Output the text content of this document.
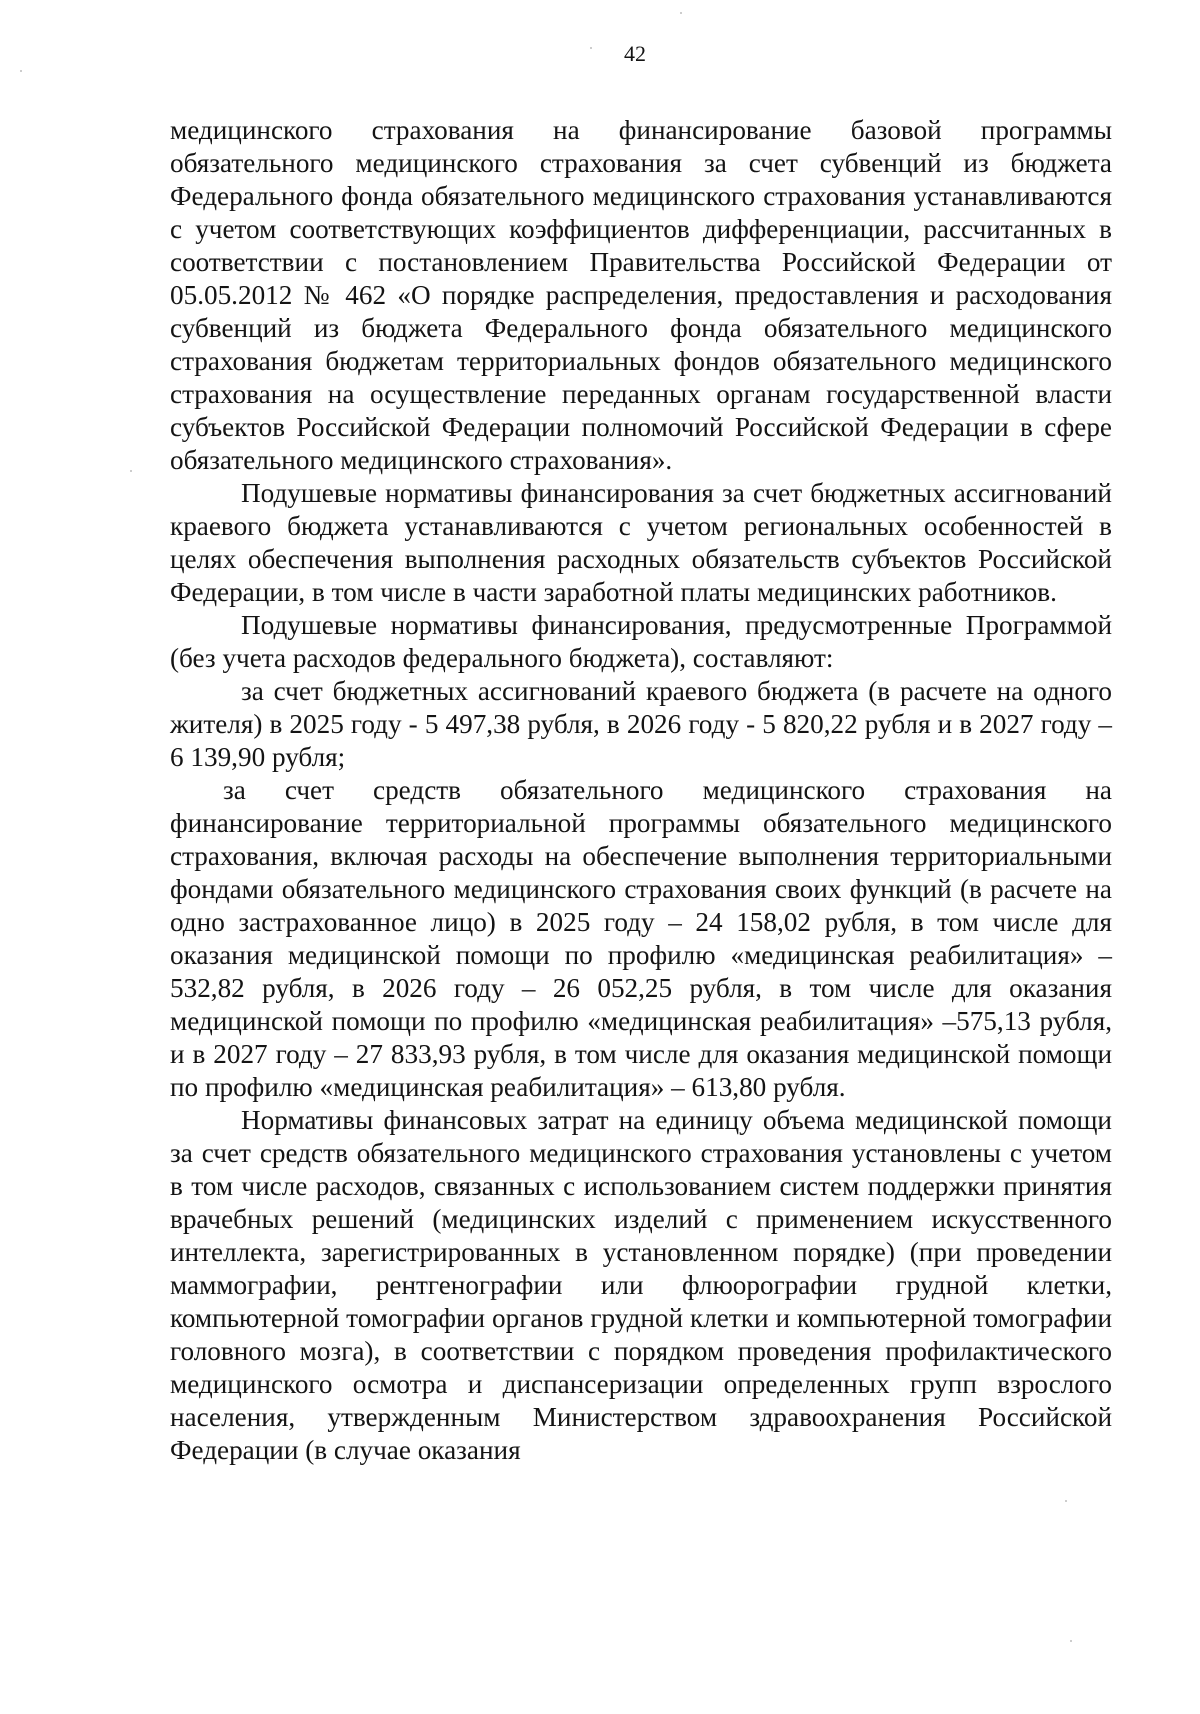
42

медицинского страхования на финансирование базовой программы обязательного медицинского страхования за счет субвенций из бюджета Федерального фонда обязательного медицинского страхования устанавливаются с учетом соответствующих коэффициентов дифференциации, рассчитанных в соответствии с постановлением Правительства Российской Федерации от 05.05.2012 № 462 «О порядке распределения, предоставления и расходования субвенций из бюджета Федерального фонда обязательного медицинского страхования бюджетам территориальных фондов обязательного медицинского страхования на осуществление переданных органам государственной власти субъектов Российской Федерации полномочий Российской Федерации в сфере обязательного медицинского страхования».

Подушевые нормативы финансирования за счет бюджетных ассигнований краевого бюджета устанавливаются с учетом региональных особенностей в целях обеспечения выполнения расходных обязательств субъектов Российской Федерации, в том числе в части заработной платы медицинских работников.

Подушевые нормативы финансирования, предусмотренные Программой (без учета расходов федерального бюджета), составляют:

за счет бюджетных ассигнований краевого бюджета (в расчете на одного жителя) в 2025 году - 5 497,38 рубля, в 2026 году - 5 820,22 рубля и в 2027 году – 6 139,90 рубля;

за счет средств обязательного медицинского страхования на финансирование территориальной программы обязательного медицинского страхования, включая расходы на обеспечение выполнения территориальными фондами обязательного медицинского страхования своих функций (в расчете на одно застрахованное лицо) в 2025 году – 24 158,02 рубля, в том числе для оказания медицинской помощи по профилю «медицинская реабилитация» –532,82 рубля, в 2026 году – 26 052,25 рубля, в том числе для оказания медицинской помощи по профилю «медицинская реабилитация» –575,13 рубля, и в 2027 году – 27 833,93 рубля, в том числе для оказания медицинской помощи по профилю «медицинская реабилитация» – 613,80 рубля.

Нормативы финансовых затрат на единицу объема медицинской помощи за счет средств обязательного медицинского страхования установлены с учетом в том числе расходов, связанных с использованием систем поддержки принятия врачебных решений (медицинских изделий с применением искусственного интеллекта, зарегистрированных в установленном порядке) (при проведении маммографии, рентгенографии или флюорографии грудной клетки, компьютерной томографии органов грудной клетки и компьютерной томографии головного мозга), в соответствии с порядком проведения профилактического медицинского осмотра и диспансеризации определенных групп взрослого населения, утвержденным Министерством здравоохранения Российской Федерации (в случае оказания
